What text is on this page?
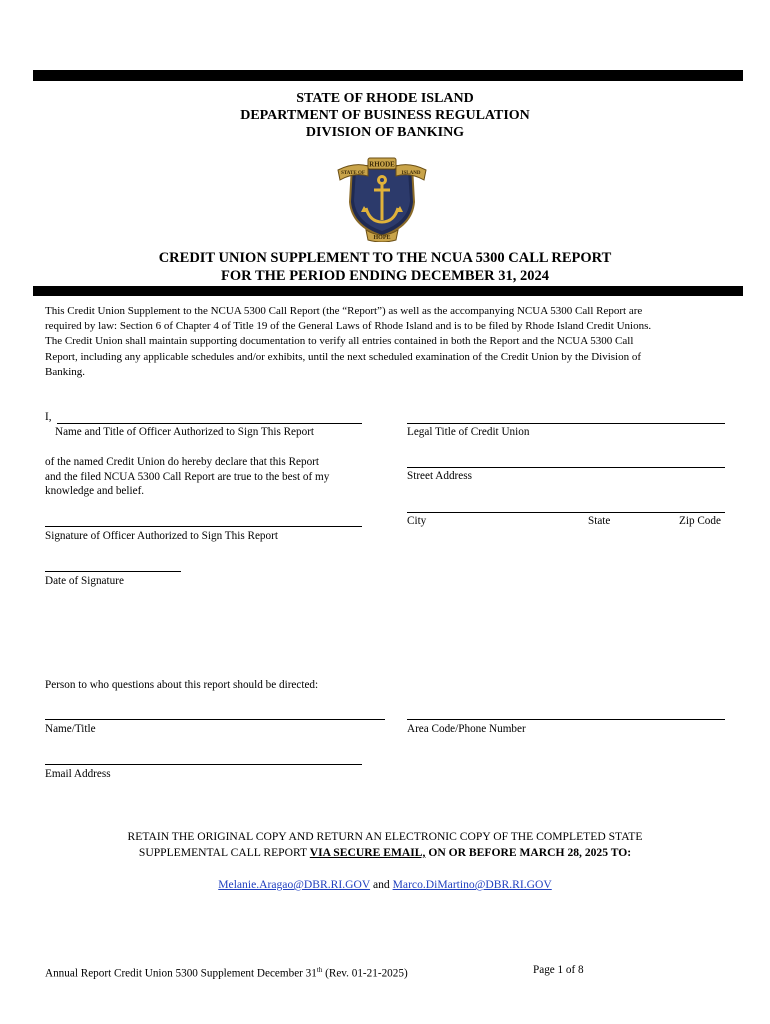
STATE OF RHODE ISLAND
DEPARTMENT OF BUSINESS REGULATION
DIVISION OF BANKING
RHODE
STATE OF	ISLAND
HOPE
CREDIT UNION SUPPLEMENT TO THE NCUA 5300 CALL REPORT
FOR THE PERIOD ENDING DECEMBER 31, 2024
This Credit Union Supplement to the NCUA 5300 Call Report (the “Report”) as well as the accompanying NCUA 5300 Call Report are
required by law: Section 6 of Chapter 4 of Title 19 of the General Laws of Rhode Island and is to be filed by Rhode Island Credit Unions.
The Credit Union shall maintain supporting documentation to verify all entries contained in both the Report and the NCUA 5300 Call
Report, including any applicable schedules and/or exhibits, until the next scheduled examination of the Credit Union by the Division of
Banking.
I,
Name and Title of Officer Authorized to Sign This Report	Legal Title of Credit Union
of the named Credit Union do hereby declare that this Report
and the filed NCUA 5300 Call Report are true to the best of my
knowledge and belief.
Street Address
Signature of Officer Authorized to Sign This Report
City	State	Zip Code
Date of Signature
Person to who questions about this report should be directed:
Name/Title	Area Code/Phone Number
Email Address
RETAIN THE ORIGINAL COPY AND RETURN AN ELECTRONIC COPY OF THE COMPLETED STATE
SUPPLEMENTAL CALL REPORT VIA SECURE EMAIL, ON OR BEFORE MARCH 28, 2025 TO:
Melanie.Aragao@DBR.RI.GOV and Marco.DiMartino@DBR.RI.GOV
Annual Report Credit Union 5300 Supplement December 31th (Rev. 01-21-2025)	Page 1 of 8
